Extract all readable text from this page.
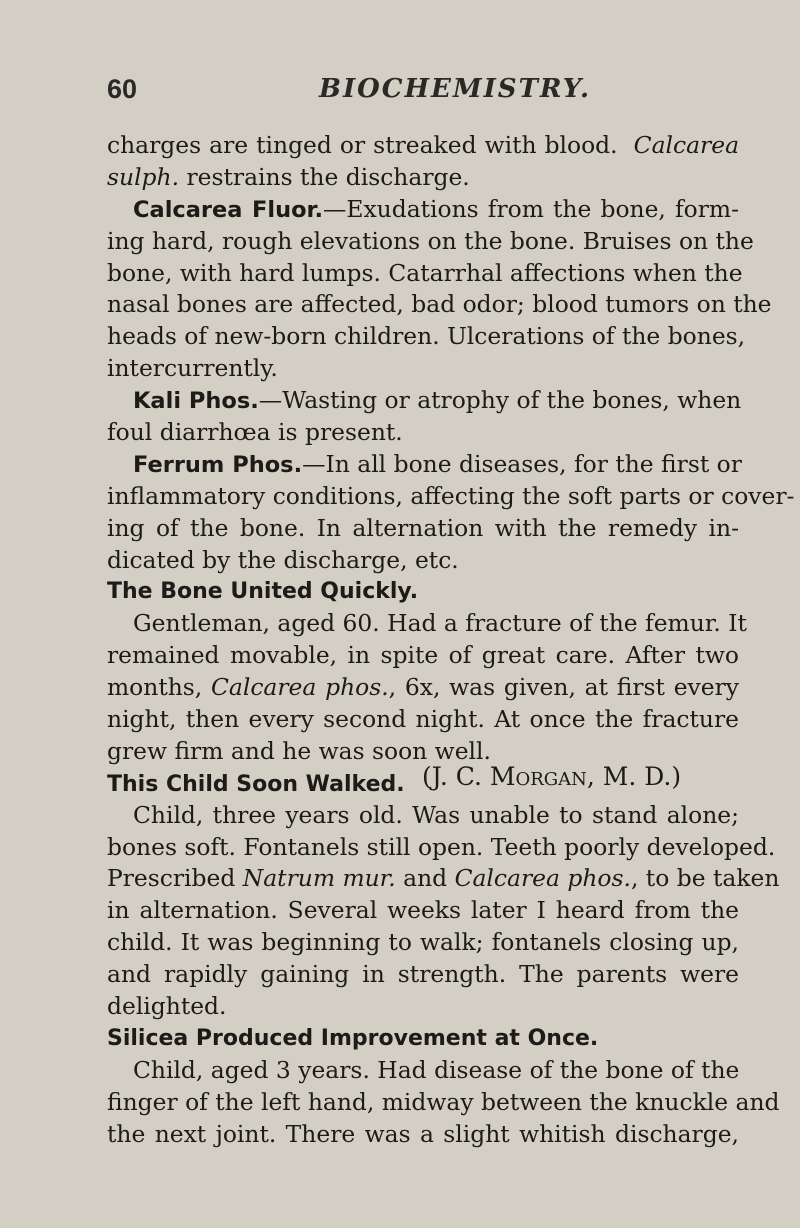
60	BIOCHEMISTRY.
charges are tinged or streaked with blood. Calcarea
sulph. restrains the discharge.
Calcarea Fluor.—Exudations from the bone, form-
ing hard, rough elevations on the bone. Bruises on the
bone, with hard lumps. Catarrhal affections when the
nasal bones are affected, bad odor; blood tumors on the
heads of new-born children. Ulcerations of the bones,
intercurrently.
Kali Phos.—Wasting or atrophy of the bones, when
foul diarrhœa is present.
Ferrum Phos.—In all bone diseases, for the first or
inflammatory conditions, affecting the soft parts or cover-
ing of the bone. In alternation with the remedy in-
dicated by the discharge, etc.
The Bone United Quickly.
Gentleman, aged 60. Had a fracture of the femur. It
remained movable, in spite of great care. After two
months, Calcarea phos., 6x, was given, at first every
night, then every second night. At once the fracture
grew firm and he was soon well.
This Child Soon Walked. (J. C. Morgan, M. D.)
Child, three years old. Was unable to stand alone;
bones soft. Fontanels still open. Teeth poorly developed.
Prescribed Natrum mur. and Calcarea phos., to be taken
in alternation. Several weeks later I heard from the
child. It was beginning to walk; fontanels closing up,
and rapidly gaining in strength. The parents were
delighted.
Silicea Produced Improvement at Once.
Child, aged 3 years. Had disease of the bone of the
finger of the left hand, midway between the knuckle and
the next joint. There was a slight whitish discharge,
